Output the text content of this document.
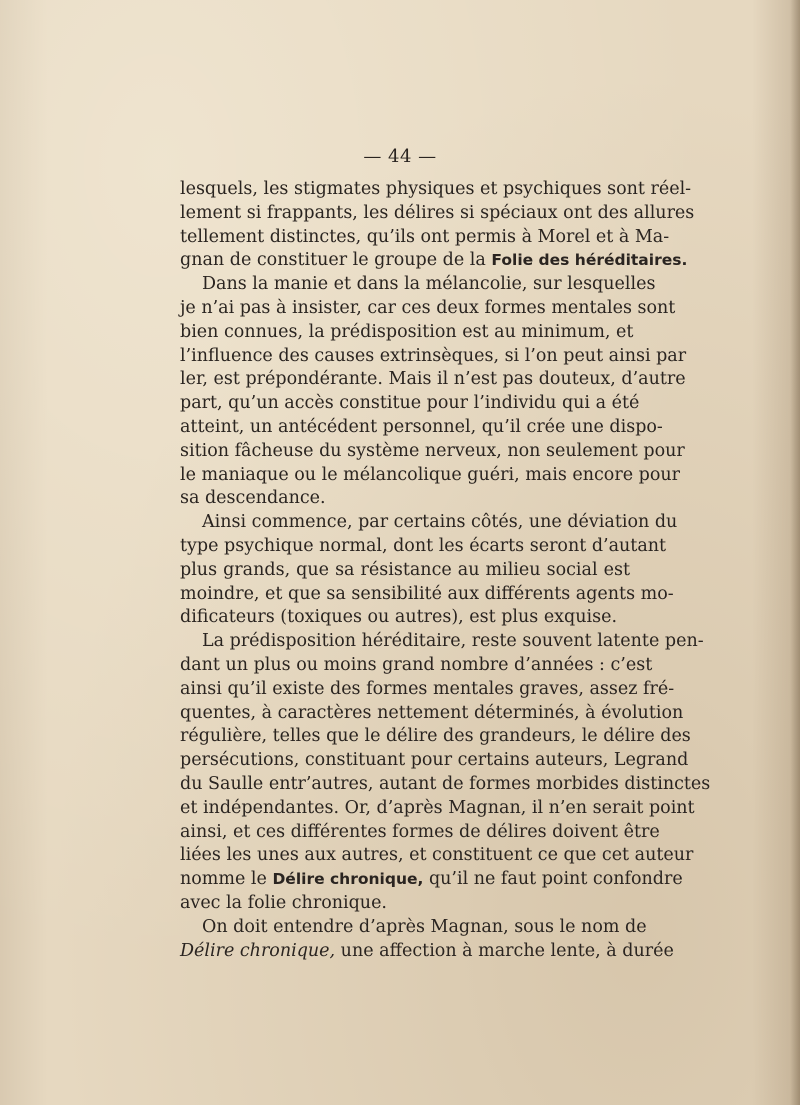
— 44 —
lesquels, les stigmates physiques et psychiques sont réel-
lement si frappants, les délires si spéciaux ont des allures
tellement distinctes, qu’ils ont permis à Morel et à Ma-
gnan de constituer le groupe de la Folie des héréditaires.
Dans la manie et dans la mélancolie, sur lesquelles
je n’ai pas à insister, car ces deux formes mentales sont
bien connues, la prédisposition est au minimum, et
l’influence des causes extrinsèques, si l’on peut ainsi par
ler, est prépondérante. Mais il n’est pas douteux, d’autre
part, qu’un accès constitue pour l’individu qui a été
atteint, un antécédent personnel, qu’il crée une dispo-
sition fâcheuse du système nerveux, non seulement pour
le maniaque ou le mélancolique guéri, mais encore pour
sa descendance.
Ainsi commence, par certains côtés, une déviation du
type psychique normal, dont les écarts seront d’autant
plus grands, que sa résistance au milieu social est
moindre, et que sa sensibilité aux différents agents mo-
dificateurs (toxiques ou autres), est plus exquise.
La prédisposition héréditaire, reste souvent latente pen-
dant un plus ou moins grand nombre d’années : c’est
ainsi qu’il existe des formes mentales graves, assez fré-
quentes, à caractères nettement déterminés, à évolution
régulière, telles que le délire des grandeurs, le délire des
persécutions, constituant pour certains auteurs, Legrand
du Saulle entr’autres, autant de formes morbides distinctes
et indépendantes. Or, d’après Magnan, il n’en serait point
ainsi, et ces différentes formes de délires doivent être
liées les unes aux autres, et constituent ce que cet auteur
nomme le Délire chronique, qu’il ne faut point confondre
avec la folie chronique.
On doit entendre d’après Magnan, sous le nom de
Délire chronique, une affection à marche lente, à durée
